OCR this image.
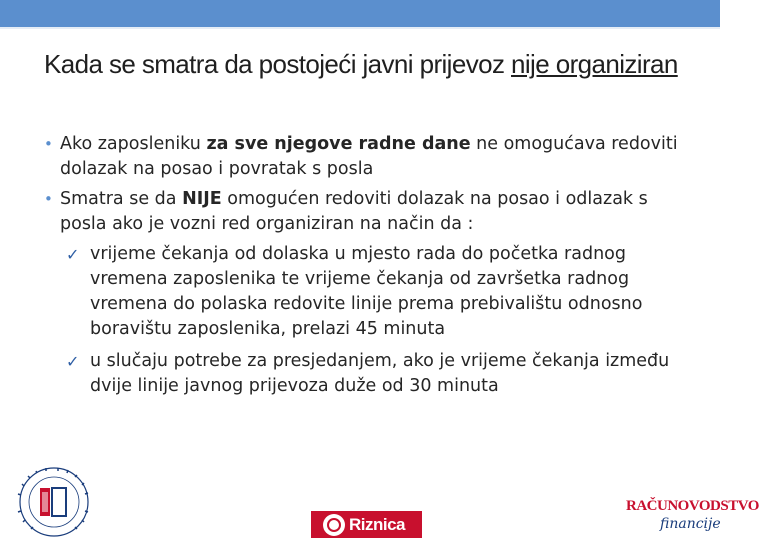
Kada se smatra da postojeći javni prijevoz nije organiziran
• Ako zaposleniku za sve njegove radne dane ne omogućava redoviti dolazak na posao i povratak s posla
• Smatra se da NIJE omogućen redoviti dolazak na posao i odlazak s posla ako je vozni red organiziran na način da :
✓ vrijeme čekanja od dolaska u mjesto rada do početka radnog vremena zaposlenika te vrijeme čekanja od završetka radnog vremena do polaska redovite linije prema prebivalištu odnosno boravištu zaposlenika, prelazi 45 minuta
✓ u slučaju potrebe za presjedanjem, ako je vrijeme čekanja između dvije linije javnog prijevoza duže od 30 minuta
Riznica
RAČUNOVODSTVO
financije
